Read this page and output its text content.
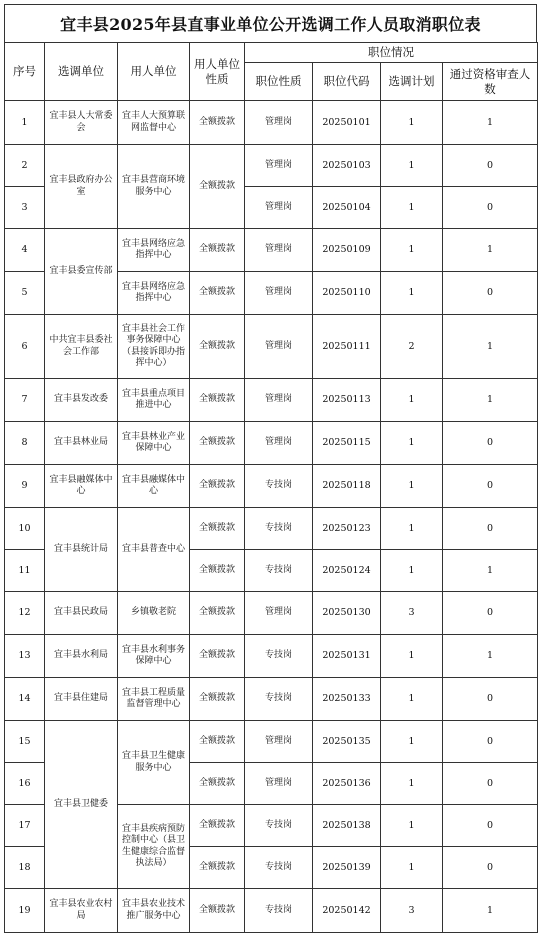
宜丰县2025年县直事业单位公开选调工作人员取消职位表
序号	选调单位	用人单位	用人单位性质	职位情况			
				职位性质	职位代码	选调计划	通过资格审查人数
1	宜丰县人大常委会	宜丰人大预算联网监督中心	全额拨款	管理岗	20250101	1	1
2	宜丰县政府办公室	宜丰县营商环境服务中心	全额拨款	管理岗	20250103	1	0
3				管理岗	20250104	1	0
4	宜丰县委宣传部	宜丰县网络应急指挥中心	全额拨款	管理岗	20250109	1	1
5		宜丰县网络应急指挥中心	全额拨款	管理岗	20250110	1	0
6	中共宜丰县委社会工作部	宜丰县社会工作事务保障中心（县接诉即办指挥中心）	全额拨款	管理岗	20250111	2	1
7	宜丰县发改委	宜丰县重点项目推进中心	全额拨款	管理岗	20250113	1	1
8	宜丰县林业局	宜丰县林业产业保障中心	全额拨款	管理岗	20250115	1	0
9	宜丰县融媒体中心	宜丰县融媒体中心	全额拨款	专技岗	20250118	1	0
10	宜丰县统计局	宜丰县普查中心	全额拨款	专技岗	20250123	1	0
11			全额拨款	专技岗	20250124	1	1
12	宜丰县民政局	乡镇敬老院	全额拨款	管理岗	20250130	3	0
13	宜丰县水利局	宜丰县水利事务保障中心	全额拨款	专技岗	20250131	1	1
14	宜丰县住建局	宜丰县工程质量监督管理中心	全额拨款	专技岗	20250133	1	0
15	宜丰县卫健委	宜丰县卫生健康服务中心	全额拨款	管理岗	20250135	1	0
16			全额拨款	管理岗	20250136	1	0
17		宜丰县疾病预防控制中心（县卫生健康综合监督执法局）	全额拨款	专技岗	20250138	1	0
18			全额拨款	专技岗	20250139	1	0
19	宜丰县农业农村局	宜丰县农业技术推广服务中心	全额拨款	专技岗	20250142	3	1
